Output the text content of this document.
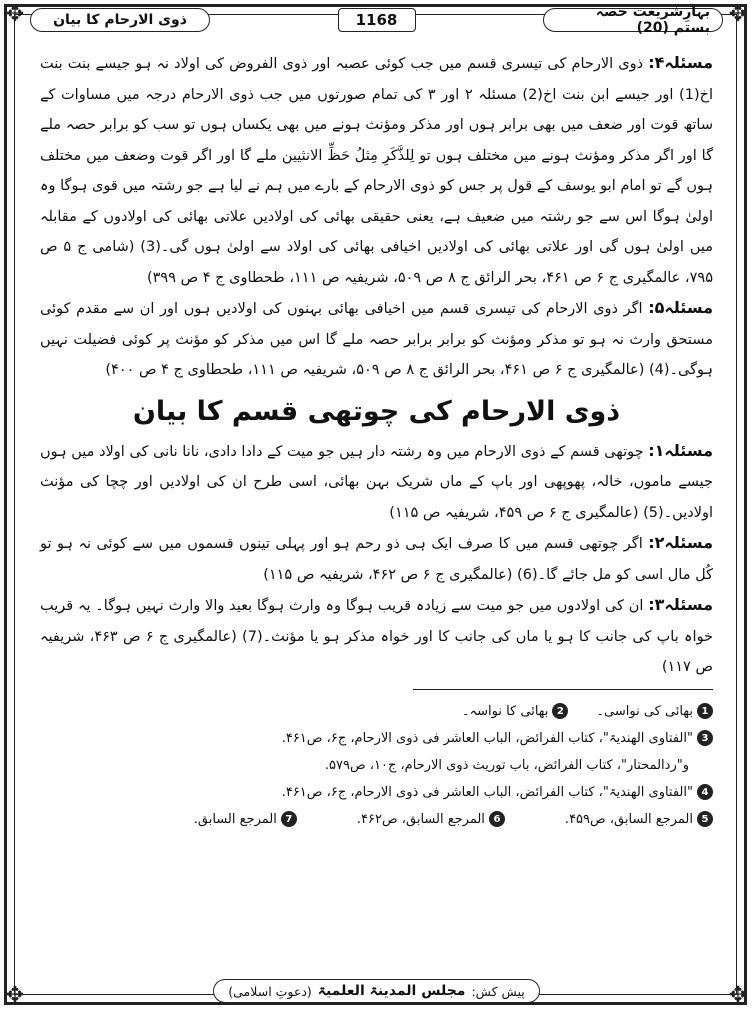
✥	✥
✥	✥
ذوی الارحام کا بیان	1168	بہارِشریعت حصہ بستم (20)

مسئلہ۴: ذوی الارحام کی تیسری قسم میں جب کوئی عصبہ اور ذوی الفروض کی اولاد نہ ہو جیسے بنت بنت اخ(1) اور جیسے ابن بنت اخ(2) مسئلہ ۲ اور ۳ کی تمام صورتوں میں جب ذوی الارحام درجہ میں مساوات کے ساتھ قوت اور ضعف میں بھی برابر ہوں اور مذکر ومؤنث ہونے میں بھی یکساں ہوں تو سب کو برابر حصہ ملے گا اور اگر مذکر ومؤنث ہونے میں مختلف ہوں تو لِلذَّکَرِ مِثلُ حَظِّ الانثیین ملے گا اور اگر قوت وضعف میں مختلف ہوں گے تو امام ابو یوسف کے قول پر جس کو ذوی الارحام کے بارے میں ہم نے لیا ہے جو رشتہ میں قوی ہوگا وہ اولیٰ ہوگا اس سے جو رشتہ میں ضعیف ہے، یعنی حقیقی بھائی کی اولادیں علاتی بھائی کی اولادوں کے مقابلہ میں اولیٰ ہوں گی اور علاتی بھائی کی اولادیں اخیافی بھائی کی اولاد سے اولیٰ ہوں گی۔(3) (شامی ج ۵ ص ۷۹۵، عالمگیری ج ۶ ص ۴۶۱، بحر الرائق ج ۸ ص ۵۰۹، شریفیہ ص ۱۱۱، طحطاوی ج ۴ ص ۳۹۹)

مسئلہ۵: اگر ذوی الارحام کی تیسری قسم میں اخیافی بھائی بہنوں کی اولادیں ہوں اور ان سے مقدم کوئی مستحق وارث نہ ہو تو مذکر ومؤنث کو برابر برابر حصہ ملے گا اس میں مذکر کو مؤنث پر کوئی فضیلت نہیں ہوگی۔(4) (عالمگیری ج ۶ ص ۴۶۱، بحر الرائق ج ۸ ص ۵۰۹، شریفیہ ص ۱۱۱، طحطاوی ج ۴ ص ۴۰۰)

ذوی الارحام کی چوتھی قسم کا بیان

مسئلہ۱: چوتھی قسم کے ذوی الارحام میں وہ رشتہ دار ہیں جو میت کے دادا دادی، نانا نانی کی اولاد میں ہوں جیسے ماموں، خالہ، پھوپھی اور باپ کے ماں شریک بہن بھائی، اسی طرح ان کی اولادیں اور چچا کی مؤنث اولادیں۔(5) (عالمگیری ج ۶ ص ۴۵۹، شریفیہ ص ۱۱۵)

مسئلہ۲: اگر چوتھی قسم میں کا صرف ایک ہی ذو رحم ہو اور پہلی تینوں قسموں میں سے کوئی نہ ہو تو کُل مال اسی کو مل جائے گا۔(6) (عالمگیری ج ۶ ص ۴۶۲، شریفیہ ص ۱۱۵)

مسئلہ۳: ان کی اولادوں میں جو میت سے زیادہ قریب ہوگا وہ وارث ہوگا بعید والا وارث نہیں ہوگا۔ یہ قریب خواہ باپ کی جانب کا ہو یا ماں کی جانب کا اور خواہ مذکر ہو یا مؤنث۔(7) (عالمگیری ج ۶ ص ۴۶۳، شریفیہ ص ۱۱۷)

1
بھائی کی نواسی۔
2
بھائی کا نواسہ۔
3
"الفتاوی الھندیۃ"، کتاب الفرائض، الباب العاشر فی ذوی الارحام، ج۶، ص۴۶۱.
و"ردالمحتار"، کتاب الفرائض، باب توریث ذوی الارحام، ج۱۰، ص۵۷۹.
4
"الفتاوی الھندیۃ"، کتاب الفرائض، الباب العاشر فی ذوی الارحام، ج۶، ص۴۶۱.
5
المرجع السابق، ص۴۵۹.
6
المرجع السابق، ص۴۶۲.
7
المرجع السابق.
پیش کش:
مجلس المدینۃ العلمیۃ
(دعوتِ اسلامی)
